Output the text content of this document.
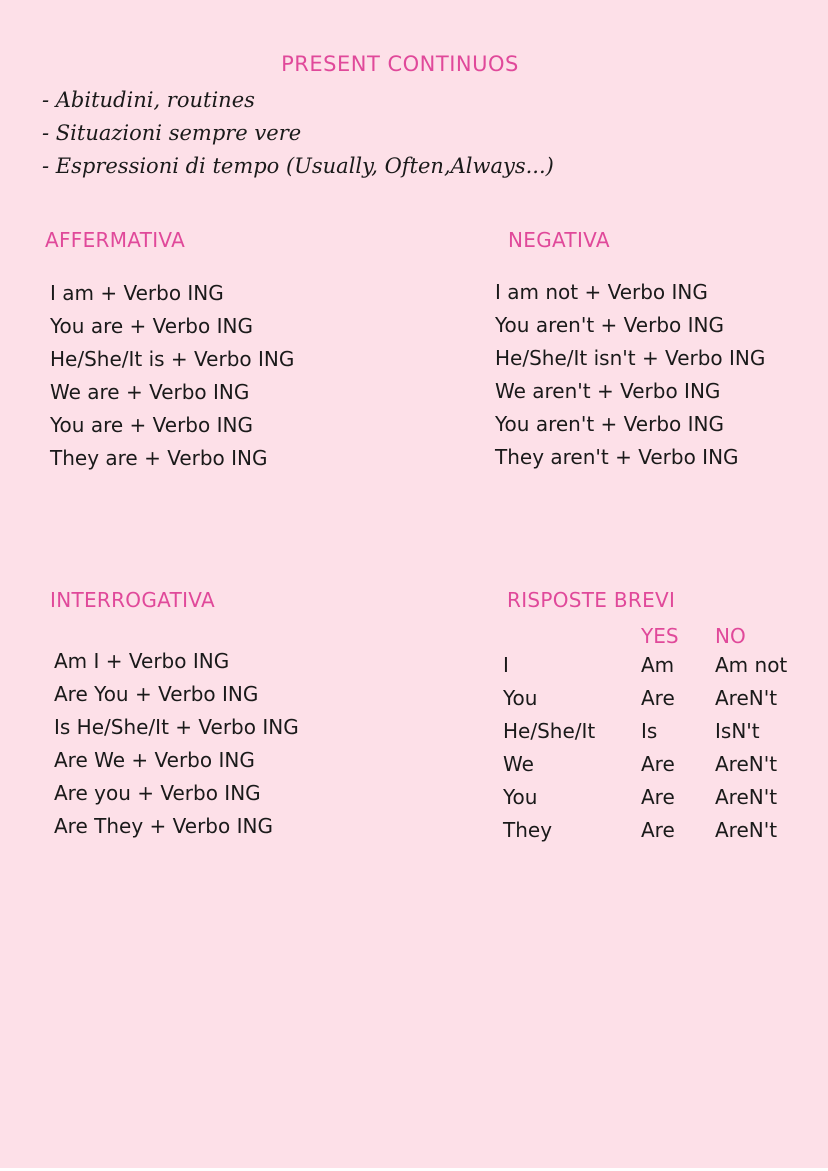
PRESENT CONTINUOS
- Abitudini, routines
- Situazioni sempre vere
- Espressioni di tempo (Usually, Often,Always...)
AFFERMATIVA
I am + Verbo ING
You are + Verbo ING
He/She/It is + Verbo ING
We are + Verbo ING
You are + Verbo ING
They are + Verbo ING
NEGATIVA
I am not + Verbo ING
You aren't + Verbo ING
He/She/It isn't + Verbo ING
We aren't + Verbo ING
You aren't + Verbo ING
They aren't + Verbo ING
INTERROGATIVA
Am I + Verbo ING
Are You + Verbo ING
Is He/She/It + Verbo ING
Are We + Verbo ING
Are you + Verbo ING
Are They + Verbo ING
RISPOSTE BREVI
	YES	NO
I	Am	Am not
You	Are	AreN't
He/She/It	Is	IsN't
We	Are	AreN't
You	Are	AreN't
They	Are	AreN't
